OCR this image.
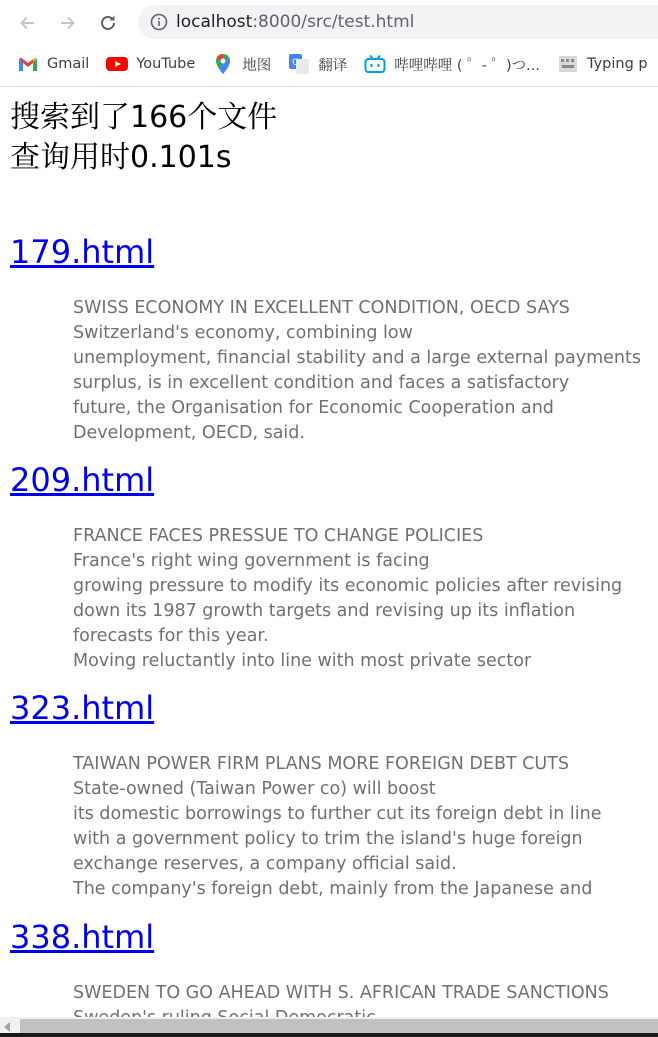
localhost:8000/src/test.html
Gmail	YouTube	地图 G 翻译	哔哩哔哩 ( ゜- ゜)つ...	Typing p
搜索到了166个文件
查询用时0.101s
179.html
SWISS ECONOMY IN EXCELLENT CONDITION, OECD SAYS
Switzerland's economy, combining low
unemployment, financial stability and a large external payments
surplus, is in excellent condition and faces a satisfactory
future, the Organisation for Economic Cooperation and
Development, OECD, said.
209.html
FRANCE FACES PRESSUE TO CHANGE POLICIES
France's right wing government is facing
growing pressure to modify its economic policies after revising
down its 1987 growth targets and revising up its inflation
forecasts for this year.
Moving reluctantly into line with most private sector
323.html
TAIWAN POWER FIRM PLANS MORE FOREIGN DEBT CUTS
State-owned (Taiwan Power co) will boost
its domestic borrowings to further cut its foreign debt in line
with a government policy to trim the island's huge foreign
exchange reserves, a company official said.
The company's foreign debt, mainly from the Japanese and
338.html
SWEDEN TO GO AHEAD WITH S. AFRICAN TRADE SANCTIONS
